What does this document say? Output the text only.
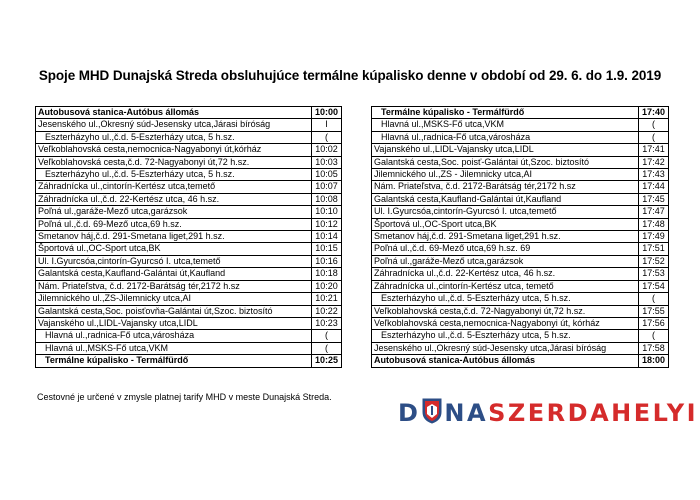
Spoje MHD Dunajská Streda obsluhujúce termálne kúpalisko denne v období od 29. 6. do 1.9. 2019
Autobusová stanica-Autóbus állomás	10:00
Jesenského ul.,Okresný súd-Jesensky utca,Járasi bíróság	I
Eszterházyho ul.,č.d. 5-Eszterházy utca, 5 h.sz.	(
Veľkoblahovská cesta,nemocnica-Nagyabonyi út,kórház	10:02
Veľkoblahovská cesta,č.d. 72-Nagyabonyi út,72 h.sz.	10:03
Eszterházyho ul.,č.d. 5-Eszterházy utca, 5 h.sz.	10:05
Záhradnícka ul.,cintorín-Kertész utca,temető	10:07
Záhradnícka ul.,č.d. 22-Kertész utca, 46 h.sz.	10:08
Poľná ul.,garáže-Mező utca,garázsok	10:10
Poľná ul.,č.d. 69-Mező utca,69 h.sz.	10:12
Smetanov háj,č.d. 291-Smetana liget,291 h.sz.	10:14
Športová ul.,OC-Sport utca,BK	10:15
Ul. I.Gyurcsóa,cintorín-Gyurcsó I. utca,temető	10:16
Galantská cesta,Kaufland-Galántai út,Kaufland	10:18
Nám. Priateľstva, č.d. 2172-Barátság tér,2172 h.sz	10:20
Jilemnického ul.,ZS-Jilemnicky utca,AI	10:21
Galantská cesta,Soc. poisťovňa-Galántai út,Szoc. biztosító	10:22
Vajanského ul.,LIDL-Vajansky utca,LIDL	10:23
Hlavná ul.,radnica-Fő utca,városháza	(
Hlavná ul.,MSKS-Fő utca,VKM	(
Termálne kúpalisko - Termálfürdő	10:25
Termálne kúpalisko - Termálfürdő	17:40
Hlavná ul.,MSKS-Fő utca,VKM	(
Hlavná ul.,radnica-Fő utca,városháza	(
Vajanského ul.,LIDL-Vajansky utca,LIDL	17:41
Galantská cesta,Soc. poisť-Galántai út,Szoc. biztosító	17:42
Jilemnického ul.,ZS - Jilemnicky utca,AI	17:43
Nám. Priateľstva, č.d. 2172-Barátság tér,2172 h.sz	17:44
Galantská cesta,Kaufland-Galántai út,Kaufland	17:45
Ul. I.Gyurcsóa,cintorín-Gyurcsó I. utca,temető	17:47
Športová ul.,OC-Sport utca,BK	17:48
Smetanov háj,č.d. 291-Smetana liget,291 h.sz.	17:49
Poľná ul.,č.d. 69-Mező utca,69 h.sz. 69	17:51
Poľná ul.,garáže-Mező utca,garázsok	17:52
Záhradnícka ul.,č.d. 22-Kertész utca, 46 h.sz.	17:53
Záhradnícka ul.,cintorín-Kertész utca, temető	17:54
Eszterházyho ul.,č.d. 5-Eszterházy utca, 5 h.sz.	(
Veľkoblahovská cesta,č.d. 72-Nagyabonyi út,72 h.sz.	17:55
Veľkoblahovská cesta,nemocnica-Nagyabonyi út, kórház	17:56
Eszterházyho ul.,č.d. 5-Eszterházy utca, 5 h.sz.	(
Jesenského ul.,Okresný súd-Jesensky utca,Járasi bíróság	17:58
Autobusová stanica-Autóbus állomás	18:00
Cestovné je určené v zmysle platnej tarify MHD v meste Dunajská Streda.
D NA SZERDAHELYI
